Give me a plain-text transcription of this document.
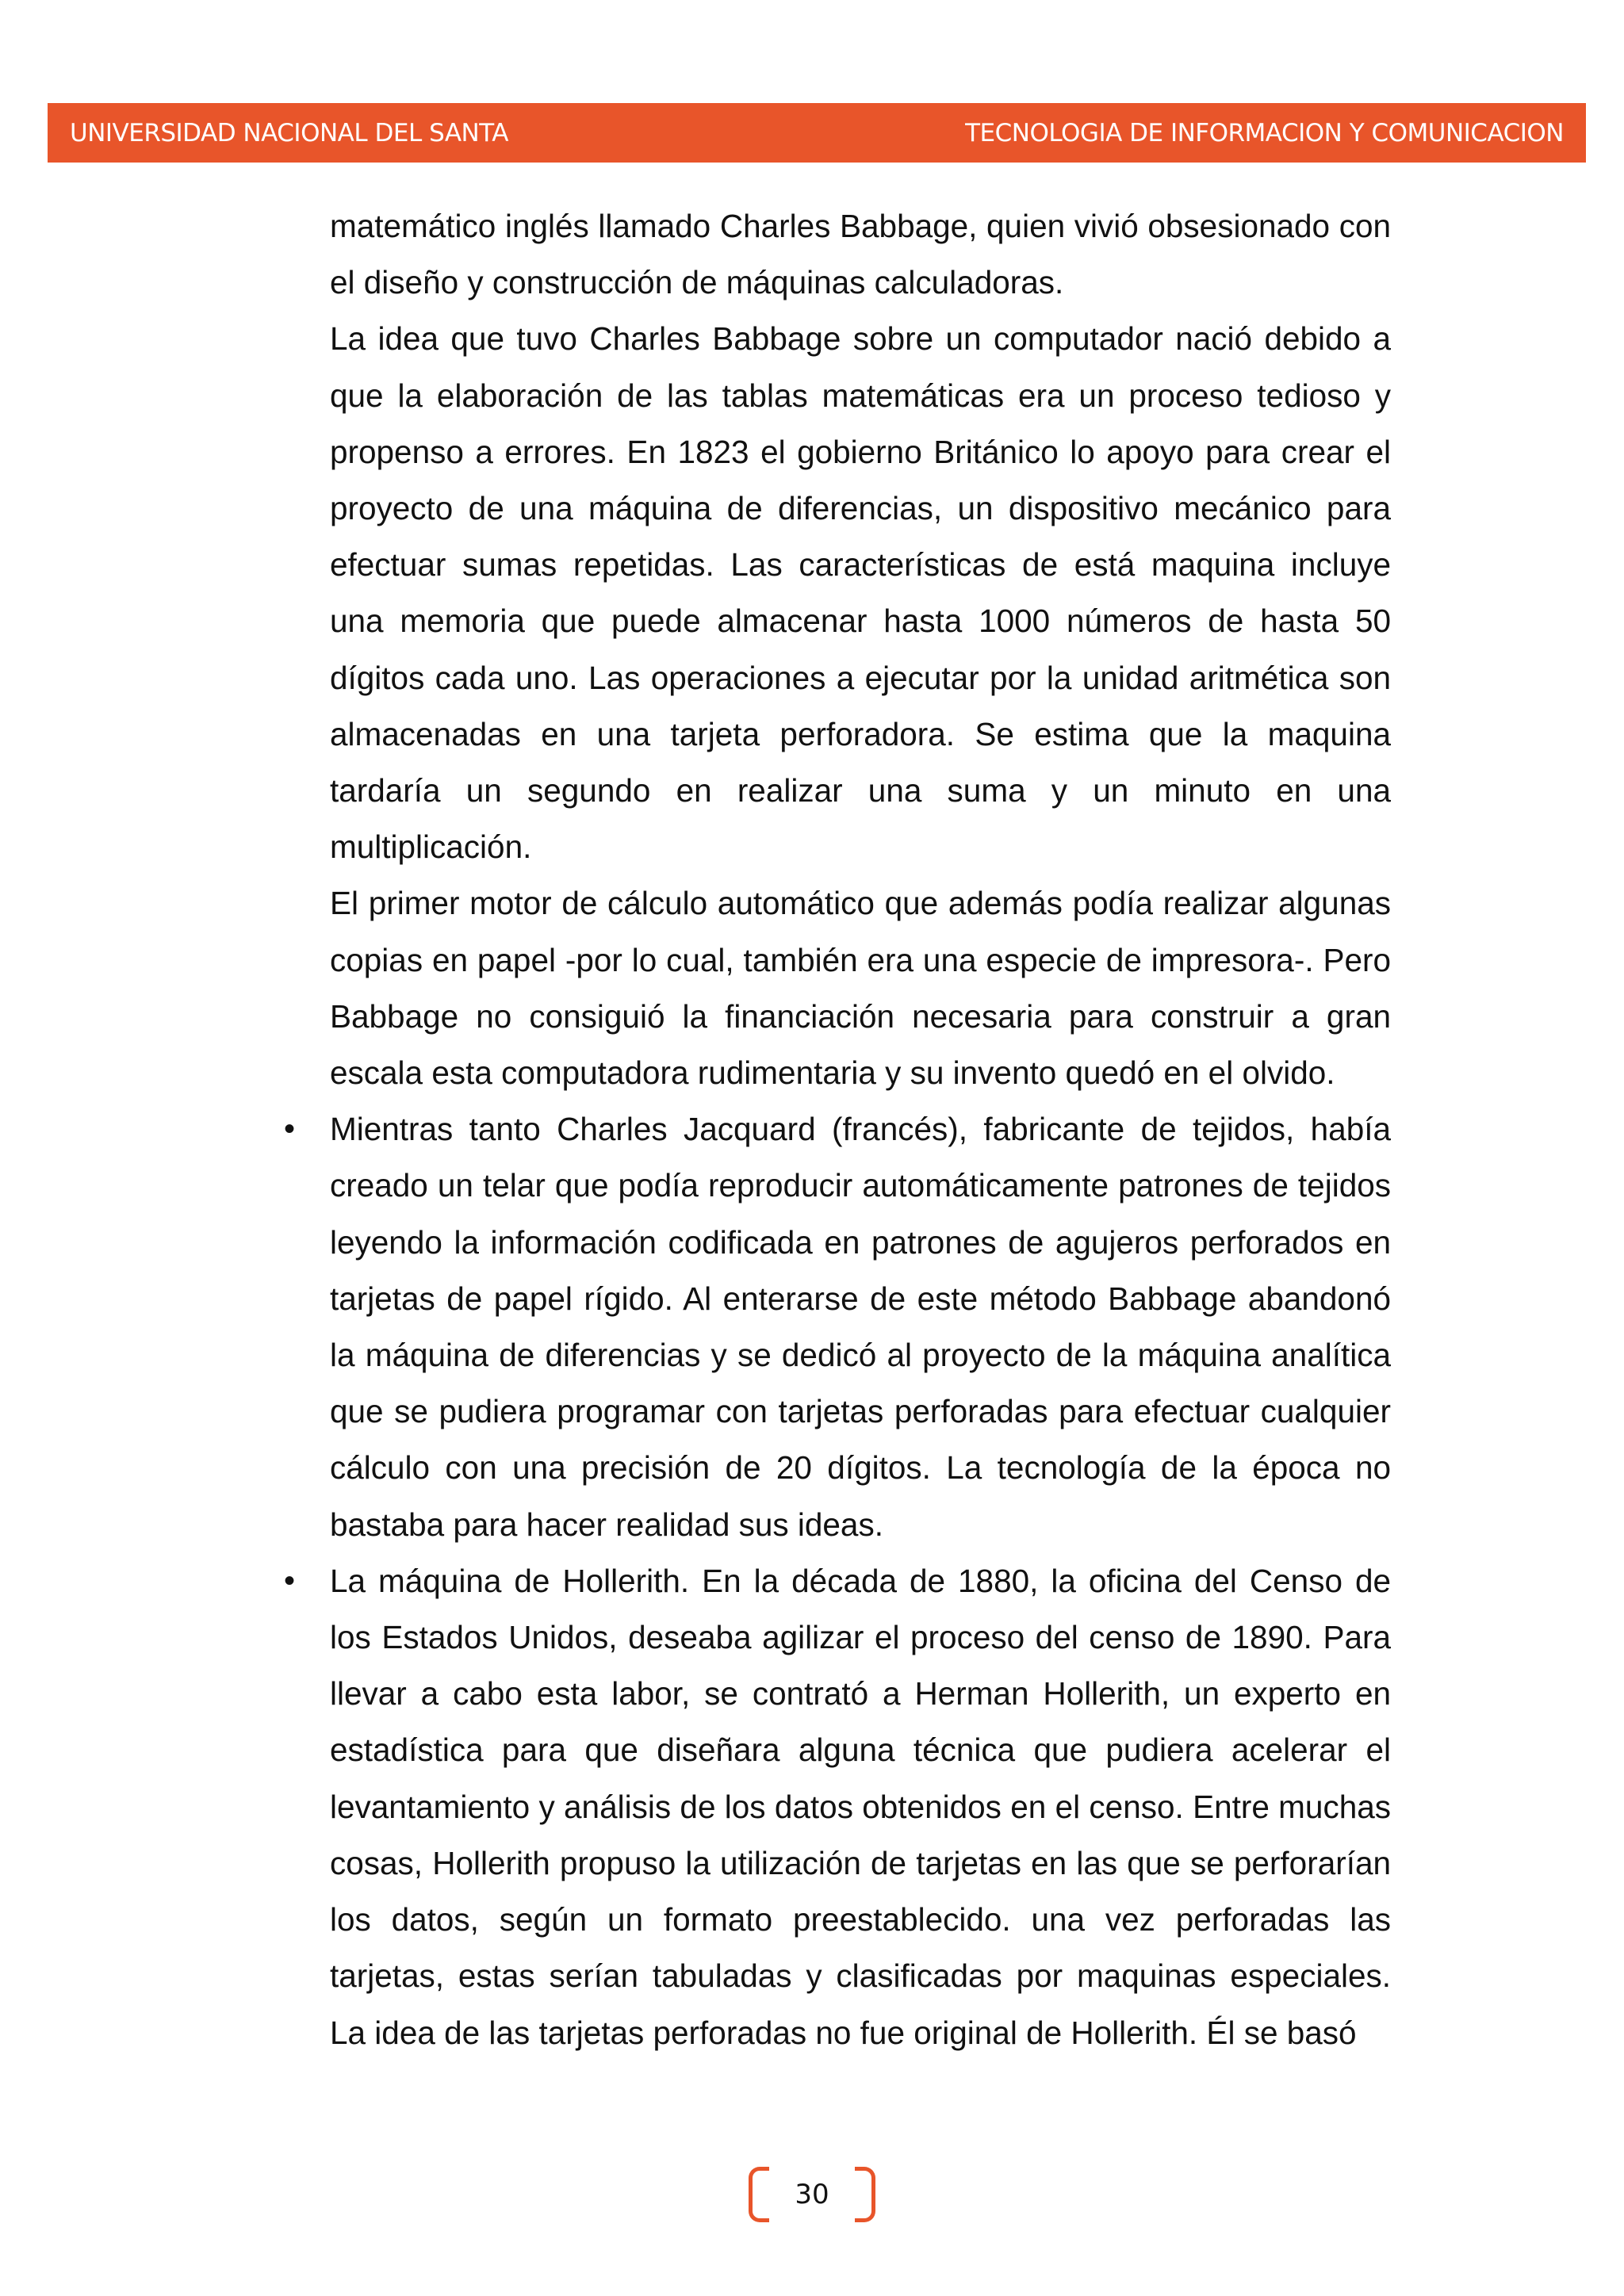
UNIVERSIDAD NACIONAL DEL SANTA	TECNOLOGIA DE INFORMACION Y COMUNICACION

matemático inglés llamado Charles Babbage, quien vivió obsesionado con el diseño y construcción de máquinas calculadoras.

La idea que tuvo Charles Babbage sobre un computador nació debido a que la elaboración de las tablas matemáticas era un proceso tedioso y propenso a errores. En 1823 el gobierno Británico lo apoyo para crear el proyecto de una máquina de diferencias, un dispositivo mecánico para efectuar sumas repetidas. Las características de está maquina incluye una memoria que puede almacenar hasta 1000 números de hasta 50 dígitos cada uno. Las operaciones a ejecutar por la unidad aritmética son almacenadas en una tarjeta perforadora. Se estima que la maquina tardaría un segundo en realizar una suma y un minuto en una multiplicación.

El primer motor de cálculo automático que además podía realizar algunas copias en papel -por lo cual, también era una especie de impresora-. Pero Babbage no consiguió la financiación necesaria para construir a gran escala esta computadora rudimentaria y su invento quedó en el olvido.

• Mientras tanto Charles Jacquard (francés), fabricante de tejidos, había creado un telar que podía reproducir automáticamente patrones de tejidos leyendo la información codificada en patrones de agujeros perforados en tarjetas de papel rígido. Al enterarse de este método Babbage abandonó la máquina de diferencias y se dedicó al proyecto de la máquina analítica que se pudiera programar con tarjetas perforadas para efectuar cualquier cálculo con una precisión de 20 dígitos. La tecnología de la época no bastaba para hacer realidad sus ideas.
• La máquina de Hollerith. En la década de 1880, la oficina del Censo de los Estados Unidos, deseaba agilizar el proceso del censo de 1890. Para llevar a cabo esta labor, se contrató a Herman Hollerith, un experto en estadística para que diseñara alguna técnica que pudiera acelerar el levantamiento y análisis de los datos obtenidos en el censo. Entre muchas cosas, Hollerith propuso la utilización de tarjetas en las que se perforarían los datos, según un formato preestablecido. una vez perforadas las tarjetas, estas serían tabuladas y clasificadas por maquinas especiales. La idea de las tarjetas perforadas no fue original de Hollerith. Él se basó
30
